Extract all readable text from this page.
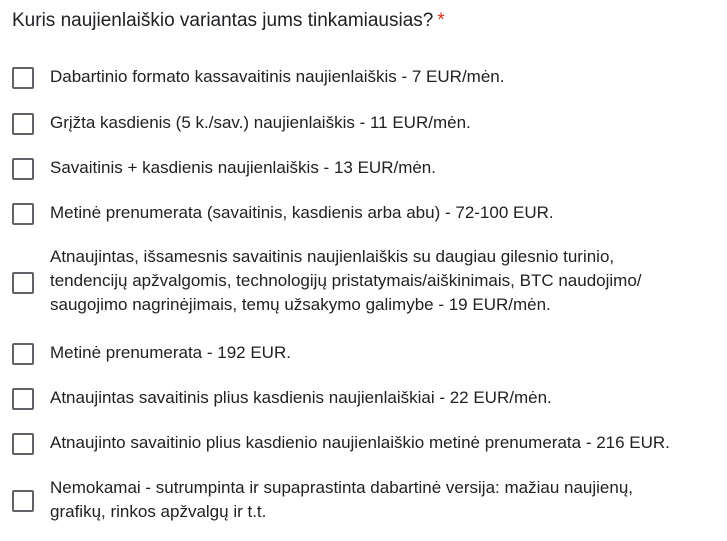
Kuris naujienlaiškio variantas jums tinkamiausias? *
Dabartinio formato kassavaitinis naujienlaiškis - 7 EUR/mėn.
Grįžta kasdienis (5 k./sav.) naujienlaiškis - 11 EUR/mėn.
Savaitinis + kasdienis naujienlaiškis - 13 EUR/mėn.
Metinė prenumerata (savaitinis, kasdienis arba abu) - 72-100 EUR.
Atnaujintas, išsamesnis savaitinis naujienlaiškis su daugiau gilesnio turinio,
tendencijų apžvalgomis, technologijų pristatymais/aiškinimais, BTC naudojimo/
saugojimo nagrinėjimais, temų užsakymo galimybe - 19 EUR/mėn.
Metinė prenumerata - 192 EUR.
Atnaujintas savaitinis plius kasdienis naujienlaiškiai - 22 EUR/mėn.
Atnaujinto savaitinio plius kasdienio naujienlaiškio metinė prenumerata - 216 EUR.
Nemokamai - sutrumpinta ir supaprastinta dabartinė versija: mažiau naujienų,
grafikų, rinkos apžvalgų ir t.t.
